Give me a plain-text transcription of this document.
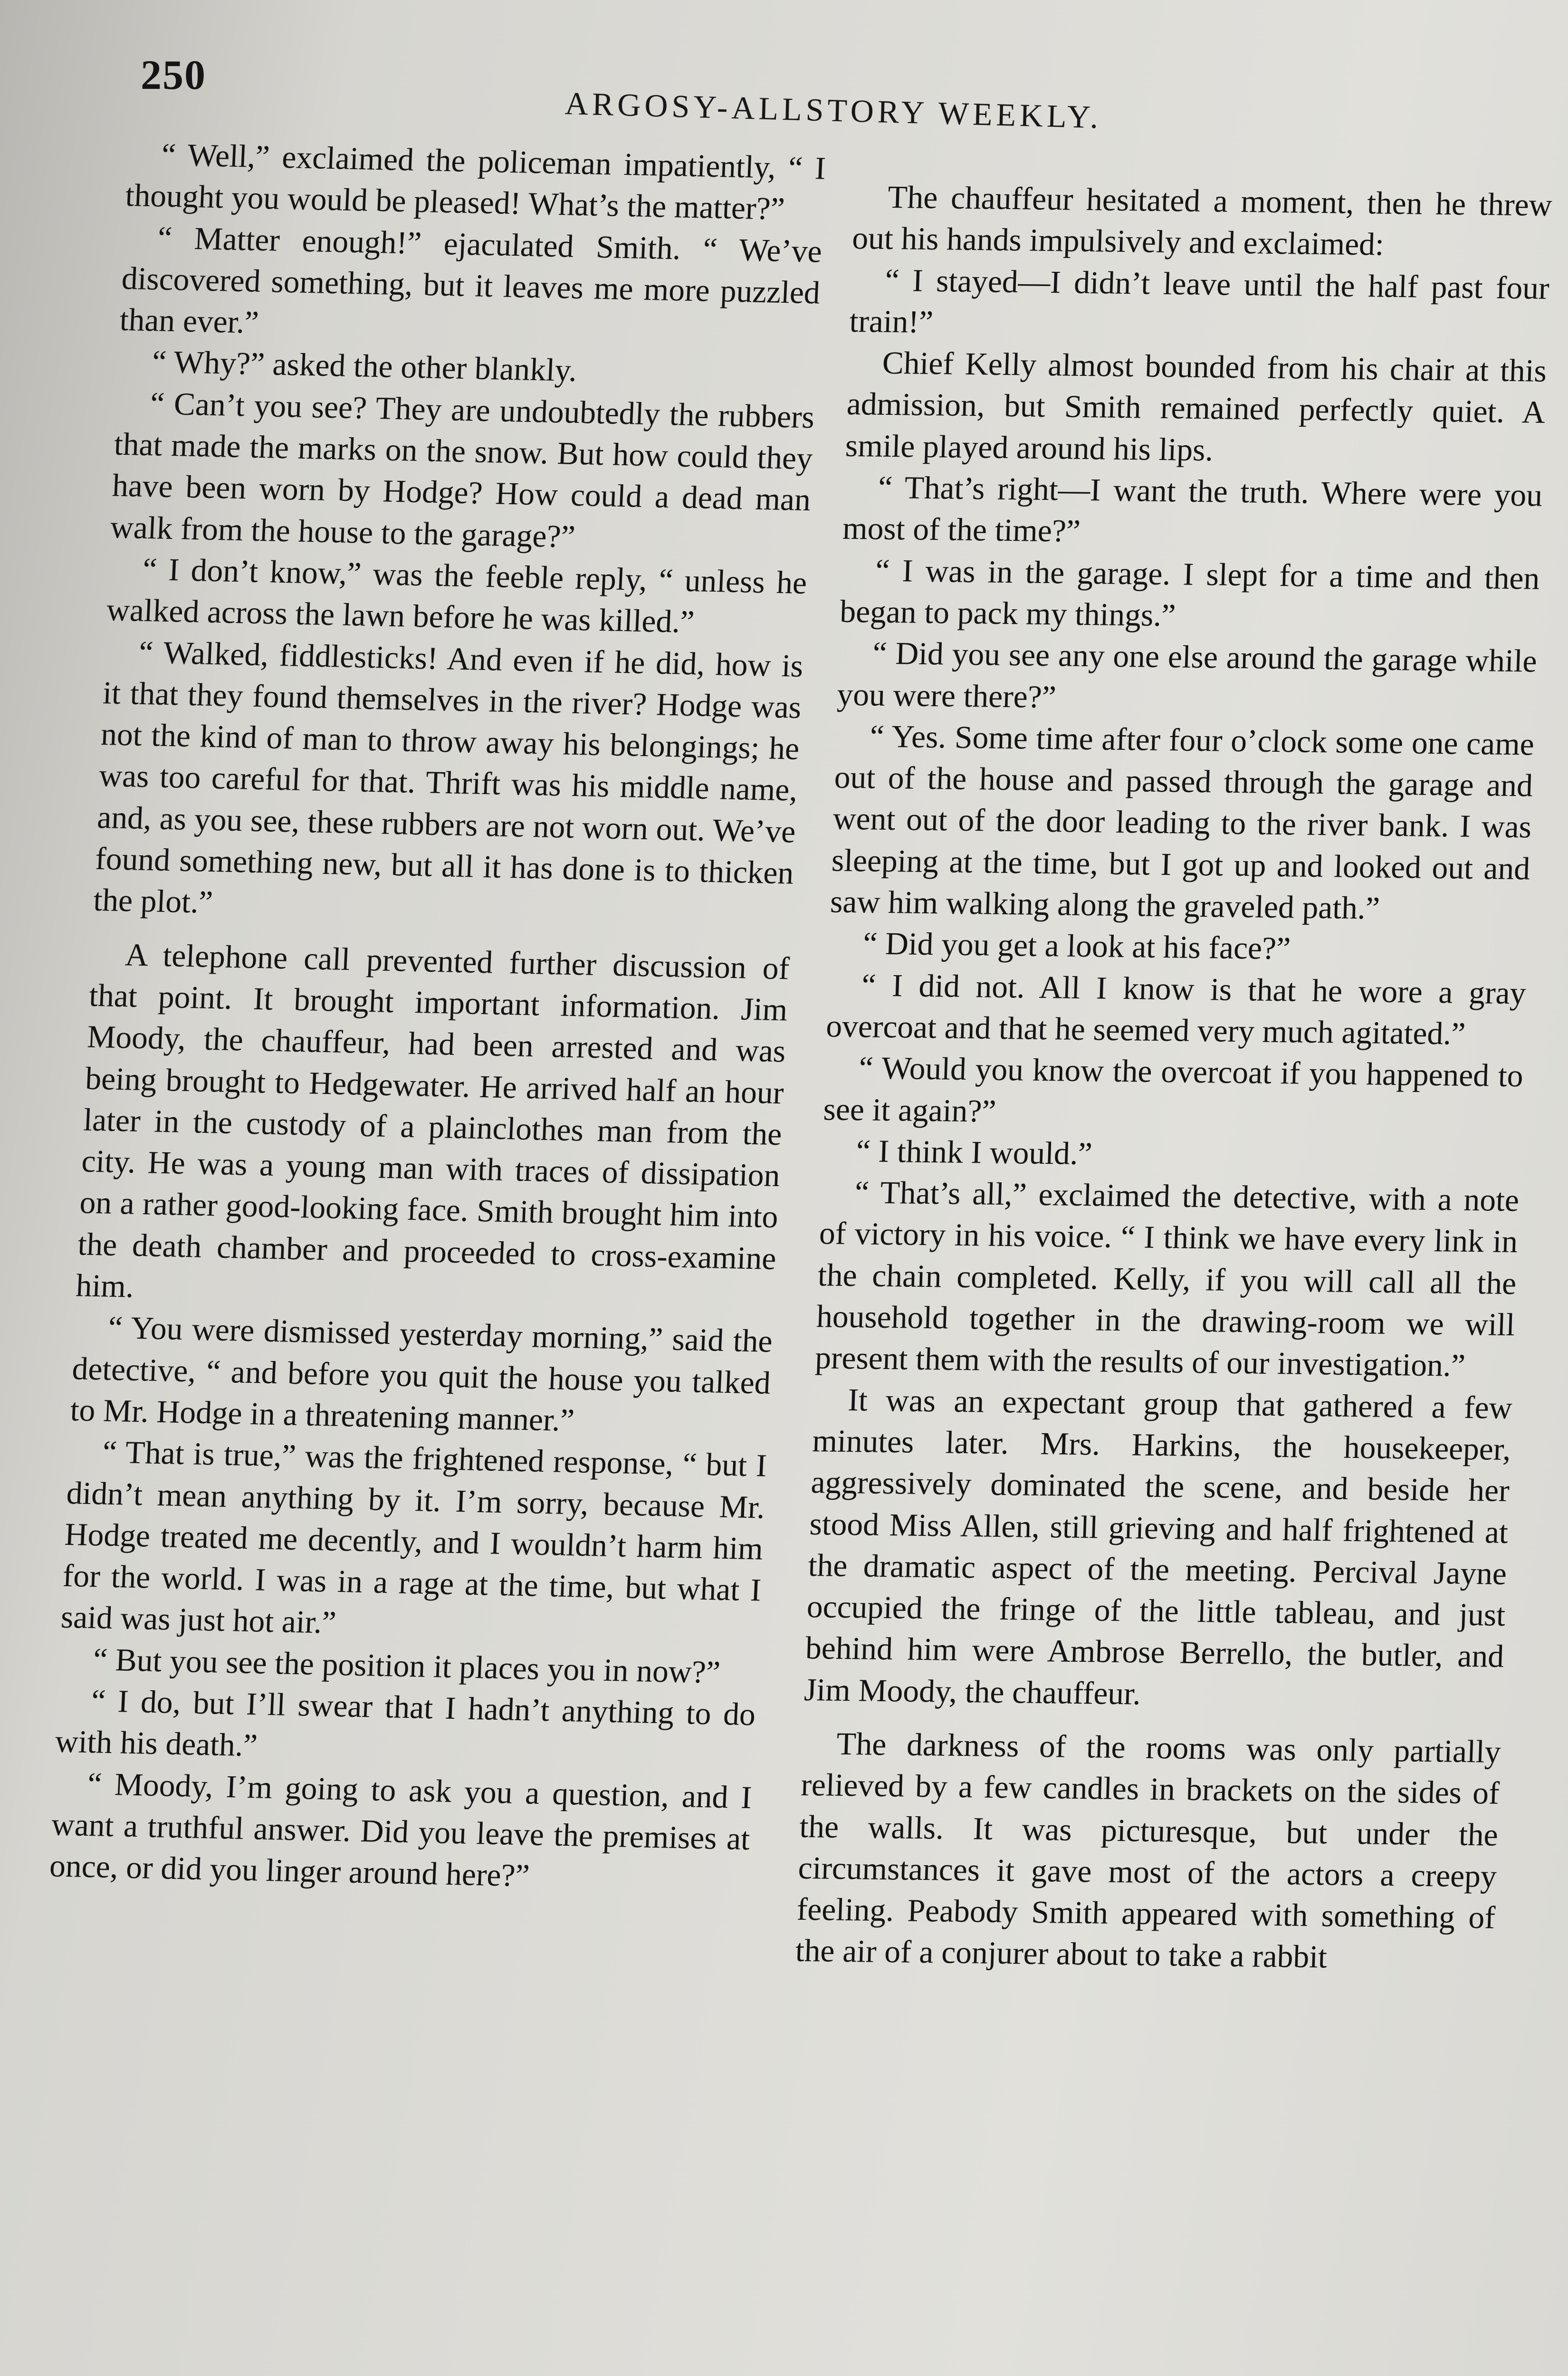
250
ARGOSY-ALLSTORY WEEKLY.

“ Well,” exclaimed the policeman impatiently, “ I thought you would be pleased! What’s the matter?”

“ Matter enough!” ejaculated Smith. “ We’ve discovered something, but it leaves me more puzzled than ever.”

“ Why?” asked the other blankly.

“ Can’t you see? They are undoubtedly the rubbers that made the marks on the snow. But how could they have been worn by Hodge? How could a dead man walk from the house to the garage?”

“ I don’t know,” was the feeble reply, “ unless he walked across the lawn before he was killed.”

“ Walked, fiddlesticks! And even if he did, how is it that they found themselves in the river? Hodge was not the kind of man to throw away his belongings; he was too careful for that. Thrift was his middle name, and, as you see, these rubbers are not worn out. We’ve found something new, but all it has done is to thicken the plot.”

A telephone call prevented further discussion of that point. It brought important information. Jim Moody, the chauffeur, had been arrested and was being brought to Hedgewater. He arrived half an hour later in the custody of a plainclothes man from the city. He was a young man with traces of dissipation on a rather good-looking face. Smith brought him into the death chamber and proceeded to cross-examine him.

“ You were dismissed yesterday morning,” said the detective, “ and before you quit the house you talked to Mr. Hodge in a threatening manner.”

“ That is true,” was the frightened response, “ but I didn’t mean anything by it. I’m sorry, because Mr. Hodge treated me decently, and I wouldn’t harm him for the world. I was in a rage at the time, but what I said was just hot air.”

“ But you see the position it places you in now?”

“ I do, but I’ll swear that I hadn’t anything to do with his death.”

“ Moody, I’m going to ask you a question, and I want a truthful answer. Did you leave the premises at once, or did you linger around here?”

The chauffeur hesitated a moment, then he threw out his hands impulsively and exclaimed:

“ I stayed—I didn’t leave until the half past four train!”

Chief Kelly almost bounded from his chair at this admission, but Smith remained perfectly quiet. A smile played around his lips.

“ That’s right—I want the truth. Where were you most of the time?”

“ I was in the garage. I slept for a time and then began to pack my things.”

“ Did you see any one else around the garage while you were there?”

“ Yes. Some time after four o’clock some one came out of the house and passed through the garage and went out of the door leading to the river bank. I was sleeping at the time, but I got up and looked out and saw him walking along the graveled path.”

“ Did you get a look at his face?”

“ I did not. All I know is that he wore a gray overcoat and that he seemed very much agitated.”

“ Would you know the overcoat if you happened to see it again?”

“ I think I would.”

“ That’s all,” exclaimed the detective, with a note of victory in his voice. “ I think we have every link in the chain completed. Kelly, if you will call all the household together in the drawing-room we will present them with the results of our investigation.”

It was an expectant group that gathered a few minutes later. Mrs. Harkins, the housekeeper, aggressively dominated the scene, and beside her stood Miss Allen, still grieving and half frightened at the dramatic aspect of the meeting. Percival Jayne occupied the fringe of the little tableau, and just behind him were Ambrose Berrello, the butler, and Jim Moody, the chauffeur.

The darkness of the rooms was only partially relieved by a few candles in brackets on the sides of the walls. It was picturesque, but under the circumstances it gave most of the actors a creepy feeling. Peabody Smith appeared with something of the air of a conjurer about to take a rabbit
